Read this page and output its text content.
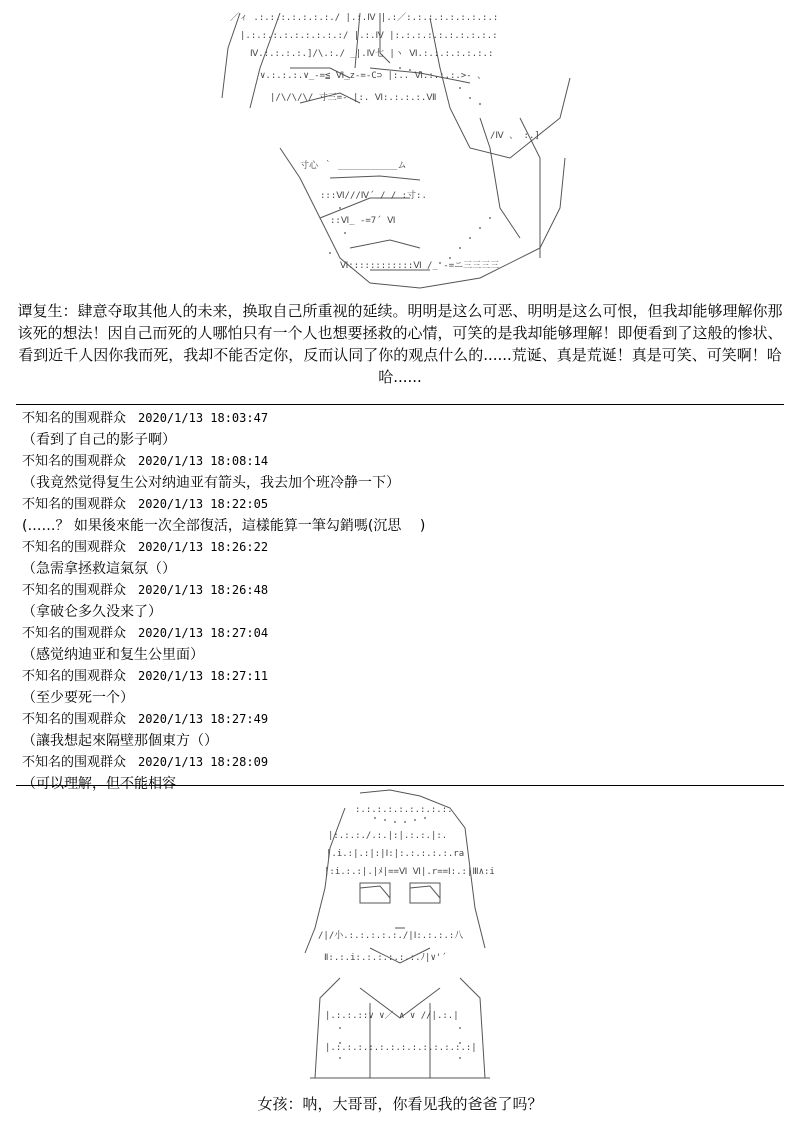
／ィ .:.:.:.:.:.:.:./ |.:.Ⅳ |.:／:.:.:.:.:.:.:.:.:
|.:.:.:.:.:.:.:.:.:/ |.:.Ⅳ |:.:.:.:.:.:.:.:.:.:
Ⅳ.:.:.:.:.]/\.:./ _|.Ⅳ七 |ヽ Ⅵ.:.:.:.:.:.:.:
∨.:.:.:.∨_-=≦ Ⅵ_z-=-C⊃ |:.. Ⅵ.:.:.:.>- 、
|/\/\/\/ 寸三=- |:. Ⅵ:.:.:.:.Ⅶ
/Ⅳ 、 :.]
寸心 ｀ ___________ム
:::Ⅵ///Ⅳ´ / / :寸:.
::Ⅵ_ -=7´ Ⅵ
Ⅵ::::::::::::Ⅵ /_ -=ニ三三三三
谭复生：肆意夺取其他人的未来，换取自己所重视的延续。明明是这么可恶、明明是这么可恨，但我却能够理解你那该死的想法！因自己而死的人哪怕只有一个人也想要拯救的心情，可笑的是我却能够理解！即便看到了这般的惨状、看到近千人因你我而死，我却不能否定你，反而认同了你的观点什么的......荒诞、真是荒诞！真是可笑、可笑啊！哈哈......
不知名的围观群众 2020/1/13 18:03:47
（看到了自己的影子啊）
不知名的围观群众 2020/1/13 18:08:14
（我竟然觉得复生公对纳迪亚有箭头，我去加个班冷静一下）
不知名的围观群众 2020/1/13 18:22:05
(……？ 如果後來能一次全部復活，這樣能算一筆勾銷嗎(沉思　 )
不知名的围观群众 2020/1/13 18:26:22
（急需拿拯救這氣氛（）
不知名的围观群众 2020/1/13 18:26:48
（拿破仑多久没来了）
不知名的围观群众 2020/1/13 18:27:04
（感觉纳迪亚和复生公里面）
不知名的围观群众 2020/1/13 18:27:11
（至少要死一个）
不知名的围观群众 2020/1/13 18:27:49
（讓我想起來隔壁那個東方（）
不知名的围观群众 2020/1/13 18:28:09
（可以理解，但不能相容
:.:.:.:.:.:.:.:.:.
|:.:.:./.:.|:|.:.:.|:.
|.i.:|.:|:|Ⅰ:|:.:.:.:.:.ra
|:i.:.:|.|ﾒ|==Ⅵ Ⅵ|.r==Ⅰ:.:|Ⅲ∧:i
/|/小.:.:.:.:.:./|Ⅰ:.:.:.:八
Ⅱ:.:.i:.:.:.:.:.:.ﾉ|∨'´
|.:.:.::∨ ∨／ ∧ ∨ //|.:.|
|.:.:.:.:.:.:.:.:.:.:.:.:.:|
女孩：呐，大哥哥，你看见我的爸爸了吗？
